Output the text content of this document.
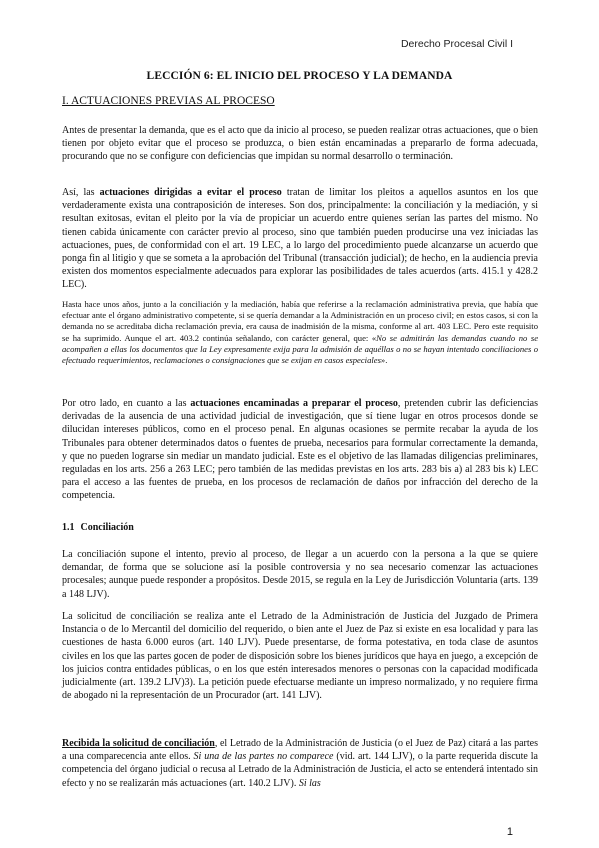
Derecho Procesal Civil I
LECCIÓN 6: EL INICIO DEL PROCESO Y LA DEMANDA
I. ACTUACIONES PREVIAS AL PROCESO

Antes de presentar la demanda, que es el acto que da inicio al proceso, se pueden realizar otras actuaciones, que o bien tienen por objeto evitar que el proceso se produzca, o bien están encaminadas a prepararlo de forma adecuada, procurando que no se configure con deficiencias que impidan su normal desarrollo o terminación.

Así, las actuaciones dirigidas a evitar el proceso tratan de limitar los pleitos a aquellos asuntos en los que verdaderamente exista una contraposición de intereses. Son dos, principalmente: la conciliación y la mediación, y si resultan exitosas, evitan el pleito por la vía de propiciar un acuerdo entre quienes serían las partes del mismo. No tienen cabida únicamente con carácter previo al proceso, sino que también pueden producirse una vez iniciadas las actuaciones, pues, de conformidad con el art. 19 LEC, a lo largo del procedimiento puede alcanzarse un acuerdo que ponga fin al litigio y que se someta a la aprobación del Tribunal (transacción judicial); de hecho, en la audiencia previa existen dos momentos especialmente adecuados para explorar las posibilidades de tales acuerdos (arts. 415.1 y 428.2 LEC).

Hasta hace unos años, junto a la conciliación y la mediación, había que referirse a la reclamación administrativa previa, que había que efectuar ante el órgano administrativo competente, si se quería demandar a la Administración en un proceso civil; en estos casos, si con la demanda no se acreditaba dicha reclamación previa, era causa de inadmisión de la misma, conforme al art. 403 LEC. Pero este requisito se ha suprimido. Aunque el art. 403.2 continúa señalando, con carácter general, que: «No se admitirán las demandas cuando no se acompañen a ellas los documentos que la Ley expresamente exija para la admisión de aquéllas o no se hayan intentado conciliaciones o efectuado requerimientos, reclamaciones o consignaciones que se exijan en casos especiales».

Por otro lado, en cuanto a las actuaciones encaminadas a preparar el proceso, pretenden cubrir las deficiencias derivadas de la ausencia de una actividad judicial de investigación, que sí tiene lugar en otros procesos donde se dilucidan intereses públicos, como en el proceso penal. En algunas ocasiones se permite recabar la ayuda de los Tribunales para obtener determinados datos o fuentes de prueba, necesarios para formular correctamente la demanda, y que no pueden lograrse sin mediar un mandato judicial. Este es el objetivo de las llamadas diligencias preliminares, reguladas en los arts. 256 a 263 LEC; pero también de las medidas previstas en los arts. 283 bis a) al 283 bis k) LEC para el acceso a las fuentes de prueba, en los procesos de reclamación de daños por infracción del derecho de la competencia.

1.1 Conciliación

La conciliación supone el intento, previo al proceso, de llegar a un acuerdo con la persona a la que se quiere demandar, de forma que se solucione así la posible controversia y no sea necesario comenzar las actuaciones procesales; aunque puede responder a propósitos. Desde 2015, se regula en la Ley de Jurisdicción Voluntaria (arts. 139 a 148 LJV).

La solicitud de conciliación se realiza ante el Letrado de la Administración de Justicia del Juzgado de Primera Instancia o de lo Mercantil del domicilio del requerido, o bien ante el Juez de Paz si existe en esa localidad y para las cuestiones de hasta 6.000 euros (art. 140 LJV). Puede presentarse, de forma potestativa, en toda clase de asuntos civiles en los que las partes gocen de poder de disposición sobre los bienes jurídicos que haya en juego, a excepción de los juicios contra entidades públicas, o en los que estén interesados menores o personas con la capacidad modificada judicialmente (art. 139.2 LJV)3). La petición puede efectuarse mediante un impreso normalizado, y no requiere firma de abogado ni la representación de un Procurador (art. 141 LJV).

Recibida la solicitud de conciliación, el Letrado de la Administración de Justicia (o el Juez de Paz) citará a las partes a una comparecencia ante ellos. Si una de las partes no comparece (vid. art. 144 LJV), o la parte requerida discute la competencia del órgano judicial o recusa al Letrado de la Administración de Justicia, el acto se entenderá intentado sin efecto y no se realizarán más actuaciones (art. 140.2 LJV). Si las

1
